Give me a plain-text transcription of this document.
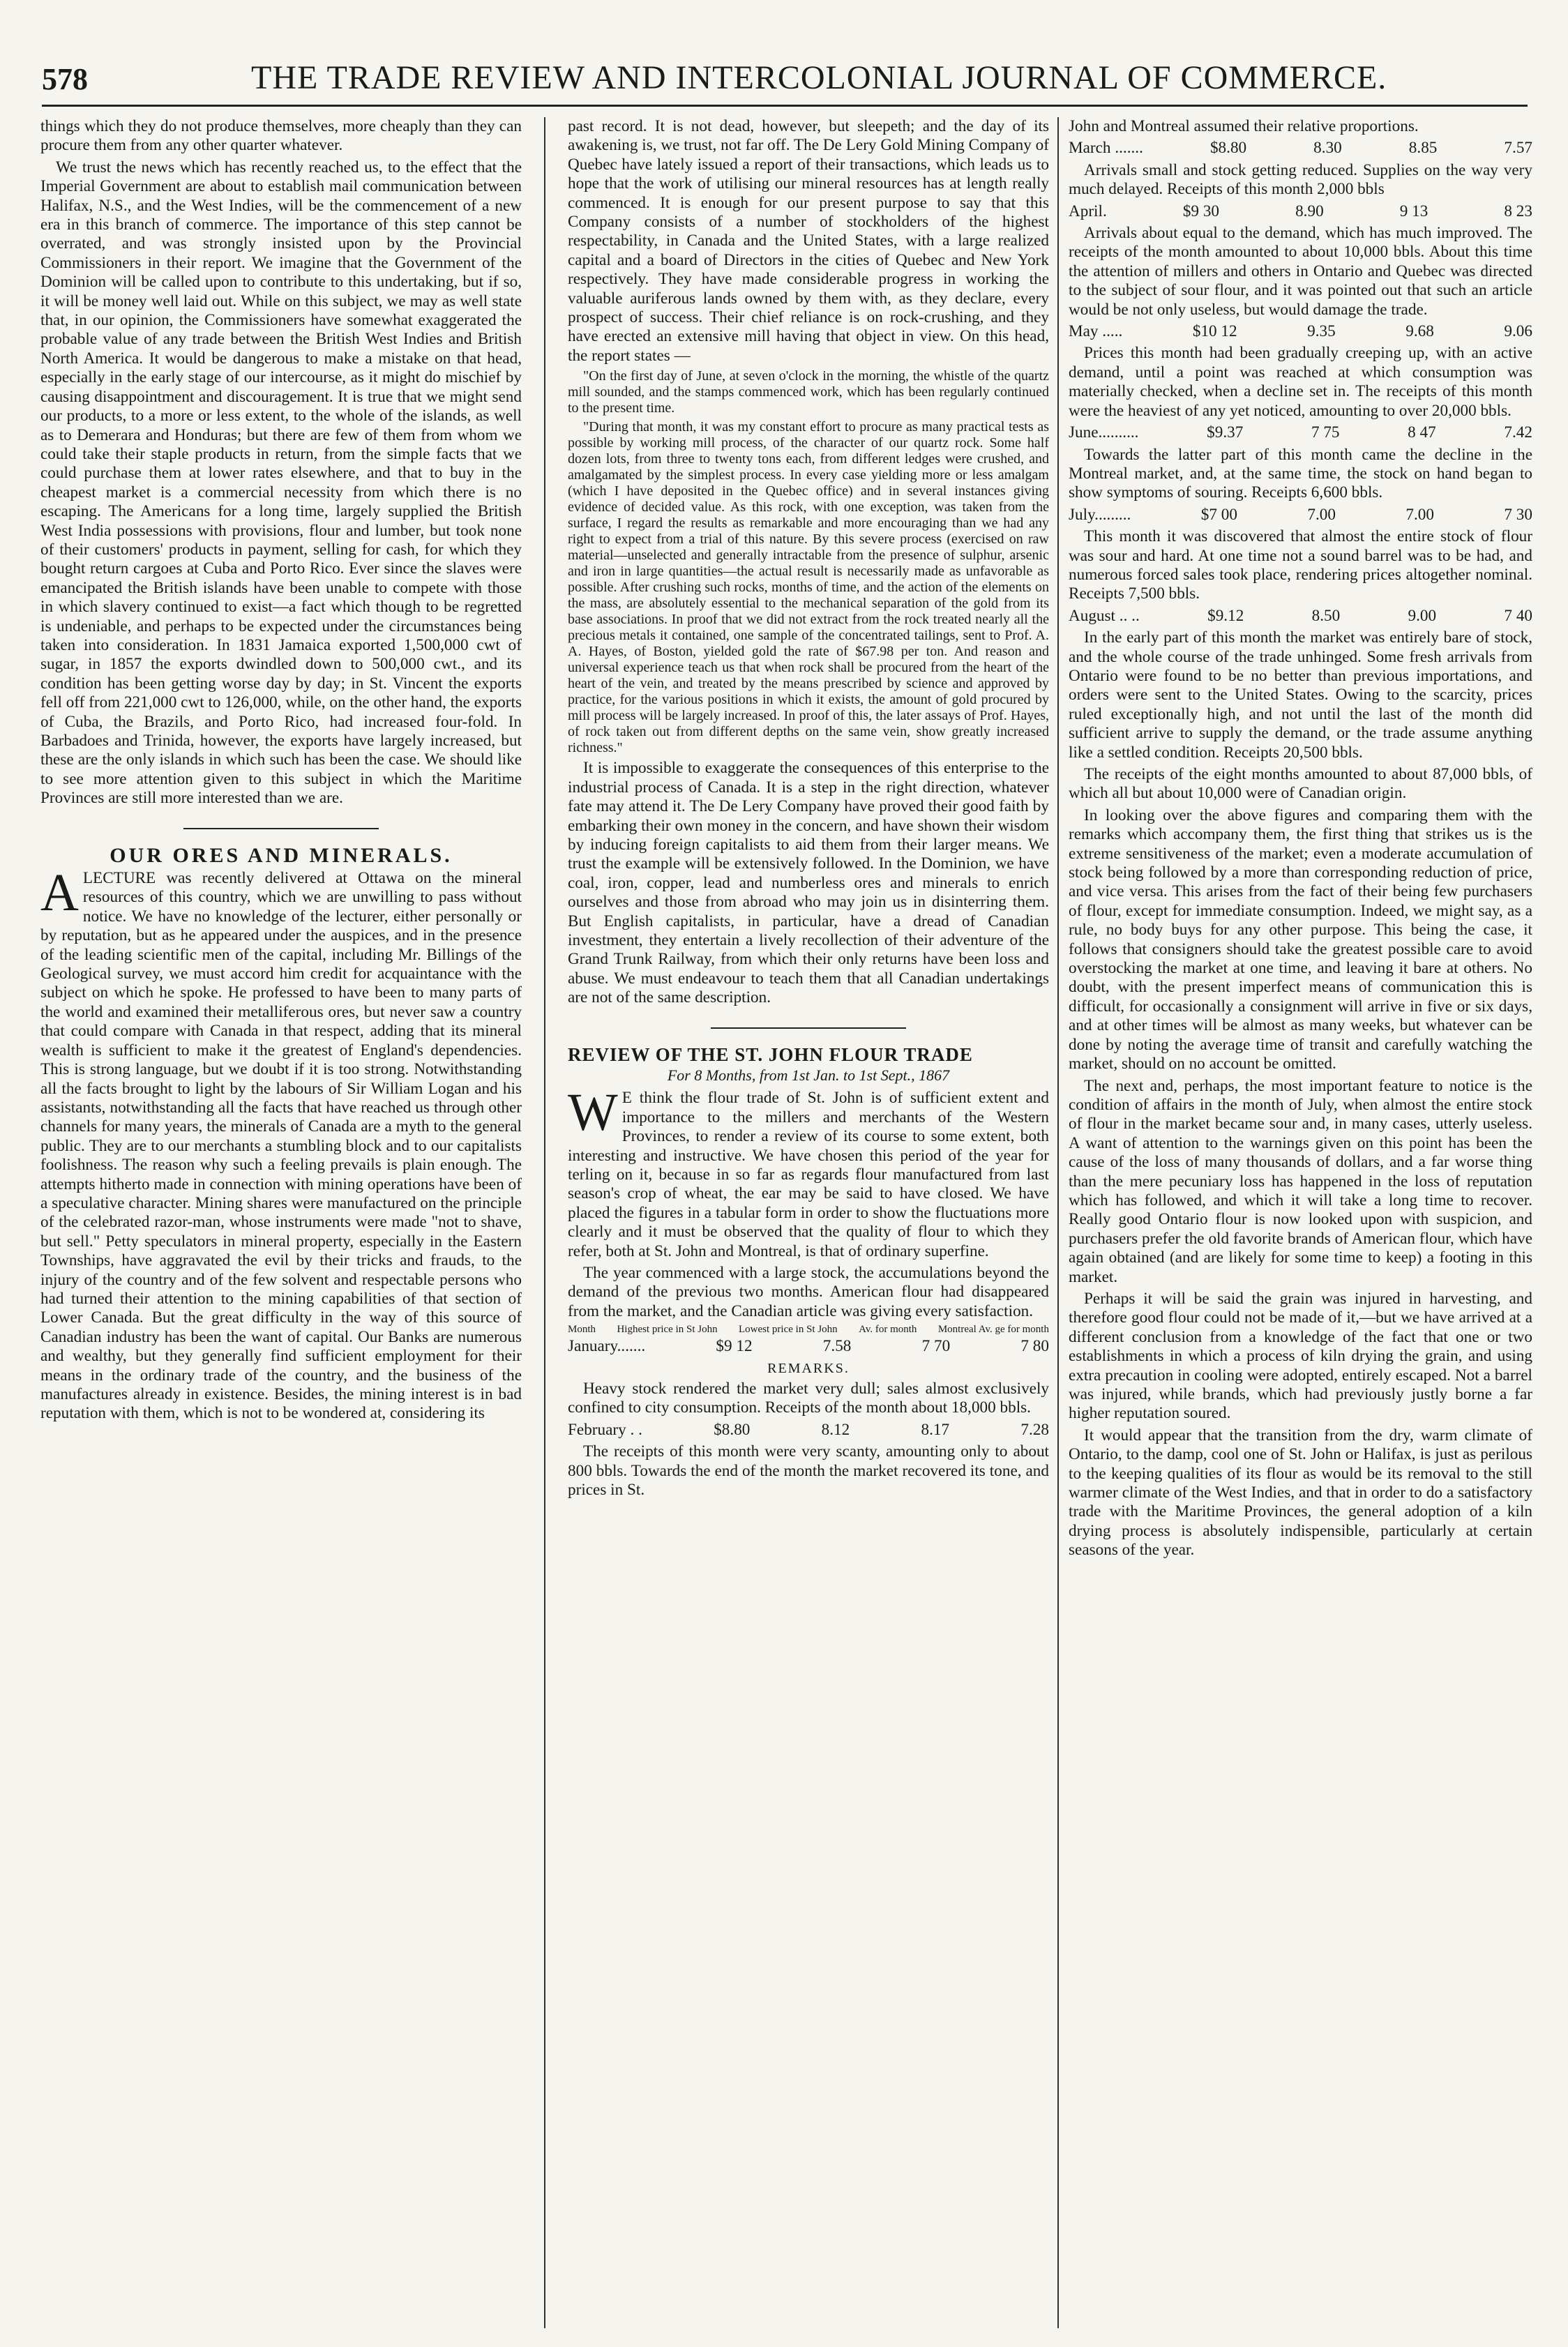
578	THE TRADE REVIEW AND INTERCOLONIAL JOURNAL OF COMMERCE.

things which they do not produce themselves, more cheaply than they can procure them from any other quarter whatever.

We trust the news which has recently reached us, to the effect that the Imperial Government are about to establish mail communication between Halifax, N.S., and the West Indies, will be the commencement of a new era in this branch of commerce. The importance of this step cannot be overrated, and was strongly insisted upon by the Provincial Commissioners in their report. We imagine that the Government of the Dominion will be called upon to contribute to this undertaking, but if so, it will be money well laid out. While on this subject, we may as well state that, in our opinion, the Commissioners have somewhat exaggerated the probable value of any trade between the British West Indies and British North America. It would be dangerous to make a mistake on that head, especially in the early stage of our intercourse, as it might do mischief by causing disappointment and discouragement. It is true that we might send our products, to a more or less extent, to the whole of the islands, as well as to Demerara and Honduras; but there are few of them from whom we could take their staple products in return, from the simple facts that we could purchase them at lower rates elsewhere, and that to buy in the cheapest market is a commercial necessity from which there is no escaping. The Americans for a long time, largely supplied the British West India possessions with provisions, flour and lumber, but took none of their customers' products in payment, selling for cash, for which they bought return cargoes at Cuba and Porto Rico. Ever since the slaves were emancipated the British islands have been unable to compete with those in which slavery continued to exist—a fact which though to be regretted is undeniable, and perhaps to be expected under the circumstances being taken into consideration. In 1831 Jamaica exported 1,500,000 cwt of sugar, in 1857 the exports dwindled down to 500,000 cwt., and its condition has been getting worse day by day; in St. Vincent the exports fell off from 221,000 cwt to 126,000, while, on the other hand, the exports of Cuba, the Brazils, and Porto Rico, had increased four-fold. In Barbadoes and Trinida, however, the exports have largely increased, but these are the only islands in which such has been the case. We should like to see more attention given to this subject in which the Maritime Provinces are still more interested than we are.

OUR ORES AND MINERALS.

ALECTURE was recently delivered at Ottawa on the mineral resources of this country, which we are unwilling to pass without notice. We have no knowledge of the lecturer, either personally or by reputation, but as he appeared under the auspices, and in the presence of the leading scientific men of the capital, including Mr. Billings of the Geological survey, we must accord him credit for acquaintance with the subject on which he spoke. He professed to have been to many parts of the world and examined their metalliferous ores, but never saw a country that could compare with Canada in that respect, adding that its mineral wealth is sufficient to make it the greatest of England's dependencies. This is strong language, but we doubt if it is too strong. Notwithstanding all the facts brought to light by the labours of Sir William Logan and his assistants, notwithstanding all the facts that have reached us through other channels for many years, the minerals of Canada are a myth to the general public. They are to our merchants a stumbling block and to our capitalists foolishness. The reason why such a feeling prevails is plain enough. The attempts hitherto made in connection with mining operations have been of a speculative character. Mining shares were manufactured on the principle of the celebrated razor-man, whose instruments were made "not to shave, but sell." Petty speculators in mineral property, especially in the Eastern Townships, have aggravated the evil by their tricks and frauds, to the injury of the country and of the few solvent and respectable persons who had turned their attention to the mining capabilities of that section of Lower Canada. But the great difficulty in the way of this source of Canadian industry has been the want of capital. Our Banks are numerous and wealthy, but they generally find sufficient employment for their means in the ordinary trade of the country, and the business of the manufactures already in existence. Besides, the mining interest is in bad reputation with them, which is not to be wondered at, considering its

past record. It is not dead, however, but sleepeth; and the day of its awakening is, we trust, not far off. The De Lery Gold Mining Company of Quebec have lately issued a report of their transactions, which leads us to hope that the work of utilising our mineral resources has at length really commenced. It is enough for our present purpose to say that this Company consists of a number of stockholders of the highest respectability, in Canada and the United States, with a large realized capital and a board of Directors in the cities of Quebec and New York respectively. They have made considerable progress in working the valuable auriferous lands owned by them with, as they declare, every prospect of success. Their chief reliance is on rock-crushing, and they have erected an extensive mill having that object in view. On this head, the report states —

"On the first day of June, at seven o'clock in the morning, the whistle of the quartz mill sounded, and the stamps commenced work, which has been regularly continued to the present time.
"During that month, it was my constant effort to procure as many practical tests as possible by working mill process, of the character of our quartz rock. Some half dozen lots, from three to twenty tons each, from different ledges were crushed, and amalgamated by the simplest process. In every case yielding more or less amalgam (which I have deposited in the Quebec office) and in several instances giving evidence of decided value. As this rock, with one exception, was taken from the surface, I regard the results as remarkable and more encouraging than we had any right to expect from a trial of this nature. By this severe process (exercised on raw material—unselected and generally intractable from the presence of sulphur, arsenic and iron in large quantities—the actual result is necessarily made as unfavorable as possible. After crushing such rocks, months of time, and the action of the elements on the mass, are absolutely essential to the mechanical separation of the gold from its base associations. In proof that we did not extract from the rock treated nearly all the precious metals it contained, one sample of the concentrated tailings, sent to Prof. A. A. Hayes, of Boston, yielded gold the rate of $67.98 per ton. And reason and universal experience teach us that when rock shall be procured from the heart of the heart of the vein, and treated by the means prescribed by science and approved by practice, for the various positions in which it exists, the amount of gold procured by mill process will be largely increased. In proof of this, the later assays of Prof. Hayes, of rock taken out from different depths on the same vein, show greatly increased richness."

It is impossible to exaggerate the consequences of this enterprise to the industrial process of Canada. It is a step in the right direction, whatever fate may attend it. The De Lery Company have proved their good faith by embarking their own money in the concern, and have shown their wisdom by inducing foreign capitalists to aid them from their larger means. We trust the example will be extensively followed. In the Dominion, we have coal, iron, copper, lead and numberless ores and minerals to enrich ourselves and those from abroad who may join us in disinterring them. But English capitalists, in particular, have a dread of Canadian investment, they entertain a lively recollection of their adventure of the Grand Trunk Railway, from which their only returns have been loss and abuse. We must endeavour to teach them that all Canadian undertakings are not of the same description.

REVIEW OF THE ST. JOHN FLOUR TRADE
For 8 Months, from 1st Jan. to 1st Sept., 1867

W E think the flour trade of St. John is of sufficient extent and importance to the millers and merchants of the Western Provinces, to render a review of its course to some extent, both interesting and instructive. We have chosen this period of the year for terling on it, because in so far as regards flour manufactured from last season's crop of wheat, the ear may be said to have closed. We have placed the figures in a tabular form in order to show the fluctuations more clearly and it must be observed that the quality of flour to which they refer, both at St. John and Montreal, is that of ordinary superfine.

The year commenced with a large stock, the accumulations beyond the demand of the previous two months. American flour had disappeared from the market, and the Canadian article was giving every satisfaction.

Month Highest price in St John Lowest price in St John Av. for month Montreal Av. ge for month
January.......	$9 12	7.58	7 70	7 80
REMARKS.

Heavy stock rendered the market very dull; sales almost exclusively confined to city consumption. Receipts of the month about 18,000 bbls.

February . .	$8.80	8.12	8.17	7.28

The receipts of this month were very scanty, amounting only to about 800 bbls. Towards the end of the month the market recovered its tone, and prices in St.

John and Montreal assumed their relative proportions.

March .......	$8.80	8.30	8.85	7.57

Arrivals small and stock getting reduced. Supplies on the way very much delayed. Receipts of this month 2,000 bbls

April.	$9 30	8.90	9 13	8 23

Arrivals about equal to the demand, which has much improved. The receipts of the month amounted to about 10,000 bbls. About this time the attention of millers and others in Ontario and Quebec was directed to the subject of sour flour, and it was pointed out that such an article would be not only useless, but would damage the trade.

May .....	$10 12	9.35	9.68	9.06

Prices this month had been gradually creeping up, with an active demand, until a point was reached at which consumption was materially checked, when a decline set in. The receipts of this month were the heaviest of any yet noticed, amounting to over 20,000 bbls.

June..........	$9.37	7 75	8 47	7.42

Towards the latter part of this month came the decline in the Montreal market, and, at the same time, the stock on hand began to show symptoms of souring. Receipts 6,600 bbls.

July.........	$7 00	7.00	7.00	7 30

This month it was discovered that almost the entire stock of flour was sour and hard. At one time not a sound barrel was to be had, and numerous forced sales took place, rendering prices altogether nominal. Receipts 7,500 bbls.

August .. ..	$9.12	8.50	9.00	7 40

In the early part of this month the market was entirely bare of stock, and the whole course of the trade unhinged. Some fresh arrivals from Ontario were found to be no better than previous importations, and orders were sent to the United States. Owing to the scarcity, prices ruled exceptionally high, and not until the last of the month did sufficient arrive to supply the demand, or the trade assume anything like a settled condition. Receipts 20,500 bbls.

The receipts of the eight months amounted to about 87,000 bbls, of which all but about 10,000 were of Canadian origin.

In looking over the above figures and comparing them with the remarks which accompany them, the first thing that strikes us is the extreme sensitiveness of the market; even a moderate accumulation of stock being followed by a more than corresponding reduction of price, and vice versa. This arises from the fact of their being few purchasers of flour, except for immediate consumption. Indeed, we might say, as a rule, no body buys for any other purpose. This being the case, it follows that consigners should take the greatest possible care to avoid overstocking the market at one time, and leaving it bare at others. No doubt, with the present imperfect means of communication this is difficult, for occasionally a consignment will arrive in five or six days, and at other times will be almost as many weeks, but whatever can be done by noting the average time of transit and carefully watching the market, should on no account be omitted.

The next and, perhaps, the most important feature to notice is the condition of affairs in the month of July, when almost the entire stock of flour in the market became sour and, in many cases, utterly useless. A want of attention to the warnings given on this point has been the cause of the loss of many thousands of dollars, and a far worse thing than the mere pecuniary loss has happened in the loss of reputation which has followed, and which it will take a long time to recover. Really good Ontario flour is now looked upon with suspicion, and purchasers prefer the old favorite brands of American flour, which have again obtained (and are likely for some time to keep) a footing in this market.

Perhaps it will be said the grain was injured in harvesting, and therefore good flour could not be made of it,—but we have arrived at a different conclusion from a knowledge of the fact that one or two establishments in which a process of kiln drying the grain, and using extra precaution in cooling were adopted, entirely escaped. Not a barrel was injured, while brands, which had previously justly borne a far higher reputation soured.

It would appear that the transition from the dry, warm climate of Ontario, to the damp, cool one of St. John or Halifax, is just as perilous to the keeping qualities of its flour as would be its removal to the still warmer climate of the West Indies, and that in order to do a satisfactory trade with the Maritime Provinces, the general adoption of a kiln drying process is absolutely indispensible, particularly at certain seasons of the year.
